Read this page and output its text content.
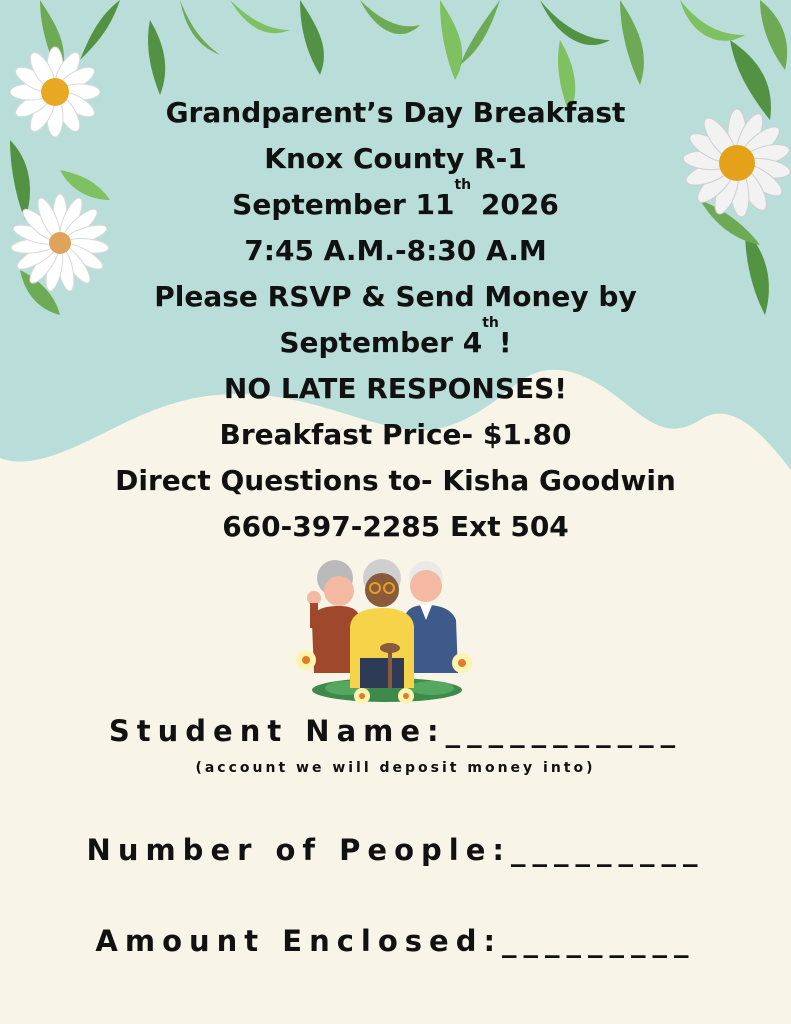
Grandparent’s Day Breakfast
Knox County R-1
September 11th 2026
7:45 A.M.-8:30 A.M
Please RSVP & Send Money by
September 4th!
NO LATE RESPONSES!
Breakfast Price- $1.80
Direct Questions to- Kisha Goodwin
660-397-2285 Ext 504
Student Name:___________
(account we will deposit money into)
Number of People:_________
Amount Enclosed:_________
